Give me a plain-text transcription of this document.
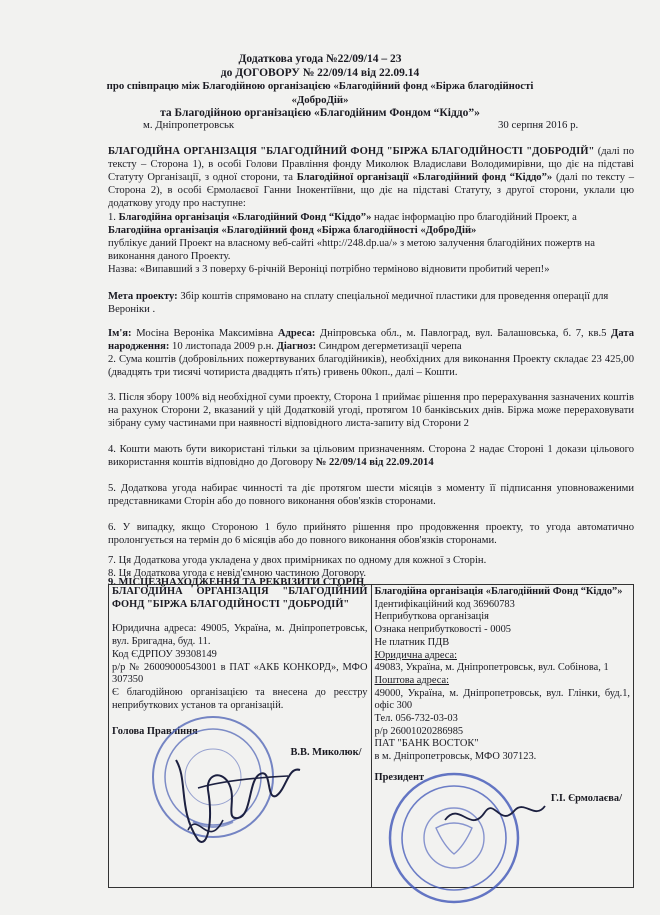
Додаткова угода №22/09/14 – 23
до ДОГОВОРУ № 22/09/14 від 22.09.14
про співпрацю між Благодійною організацією «Благодійний фонд «Біржа благодійності «ДоброДій»
та Благодійною організацією «Благодійним Фондом “Кіддо”»
м. Дніпропетровськ	30 серпня 2016 р.
БЛАГОДІЙНА ОРГАНІЗАЦІЯ "БЛАГОДІЙНИЙ ФОНД "БІРЖА БЛАГОДІЙНОСТІ "ДОБРОДІЙ" (далі по тексту – Сторона 1), в особі Голови Правління фонду Миколюк Владислави Володимирівни, що діє на підставі Статуту Організації, з одної сторони, та Благодійної організації «Благодійний фонд “Кіддо”» (далі по тексту – Сторона 2), в особі Єрмолаєвої Ганни Інокентіївни, що діє на підставі Статуту, з другої сторони, уклали цю додаткову угоду про наступне:
1. Благодійна організація «Благодійний Фонд “Кіддо”» надає інформацію про благодійний Проект, а
Благодійна організація «Благодійний фонд «Біржа благодійності «ДоброДій»
публікує даний Проект на власному веб-сайті «http://248.dp.ua/» з метою залучення благодійних пожертв на виконання даного Проекту.
Назва: «Випавший з 3 поверху 6-річній Вероніці потрібно терміново відновити пробитий череп!»
Мета проекту: Збір коштів спрямовано на сплату спеціальної медичної пластики для проведення операції для Вероніки .
Ім'я: Мосіна Вероніка Максимівна Адреса: Дніпровська обл., м. Павлоград, вул. Балашовська, б. 7, кв.5 Дата народження: 10 листопада 2009 р.н. Діагноз: Синдром дегерметизації черепа
2. Сума коштів (добровільних пожертвуваних благодійників), необхідних для виконання Проекту складає 23 425,00 (двадцять три тисячі чотириста двадцять п'ять) гривень 00коп., далі – Кошти.
3. Після збору 100% від необхідної суми проекту, Сторона 1 приймає рішення про перерахування зазначених коштів на рахунок Сторони 2, вказаний у цій Додатковій угоді, протягом 10 банківських днів. Біржа може перераховувати зібрану суму частинами при наявності відповідного листа-запиту від Сторони 2
4. Кошти мають бути використані тільки за цільовим призначенням. Сторона 2 надає Стороні 1 докази цільового використання коштів відповідно до Договору № 22/09/14 від 22.09.2014
5. Додаткова угода набирає чинності та діє протягом шести місяців з моменту її підписання уповноваженими представниками Сторін або до повного виконання обов'язків сторонами.
6. У випадку, якщо Стороною 1 було прийнято рішення про продовження проекту, то угода автоматично пролонгується на термін до 6 місяців або до повного виконання обов'язків сторонами.
7. Ця Додаткова угода укладена у двох примірниках по одному для кожної з Сторін.
8. Ця Додаткова угода є невід'ємною частиною Договору.
9. МІСЦЕЗНАХОДЖЕННЯ ТА РЕКВІЗИТИ СТОРІН
БЛАГОДІЙНА ОРГАНІЗАЦІЯ "БЛАГОДІЙНИЙ ФОНД "БІРЖА БЛАГОДІЙНОСТІ "ДОБРОДІЙ"
Юридична адреса: 49005, Україна, м. Дніпропетровськ, вул. Бригадна, буд. 11.
Код ЄДРПОУ 39308149
р/р № 26009000543001 в ПАТ «АКБ КОНКОРД», МФО 307350
Є благодійною організацією та внесена до реєстру неприбуткових установ та організацій.
Голова Правління
В.В. Миколюк/

Благодійна організація «Благодійний Фонд “Кіддо”»
Ідентифікаційний код 36960783
Неприбуткова організація
Ознака неприбутковості - 0005
Не платник ПДВ
Юридична адреса:
49083, Україна, м. Дніпропетровськ, вул. Собінова, 1
Поштова адреса:
49000, Україна, м. Дніпропетровськ, вул. Глінки, буд.1, офіс 300
Тел. 056-732-03-03
р/р 26001020286985
ПАТ "БАНК ВОСТОК"
в м. Дніпропетровськ, МФО 307123.
Президент
Г.І. Єрмолаєва/
